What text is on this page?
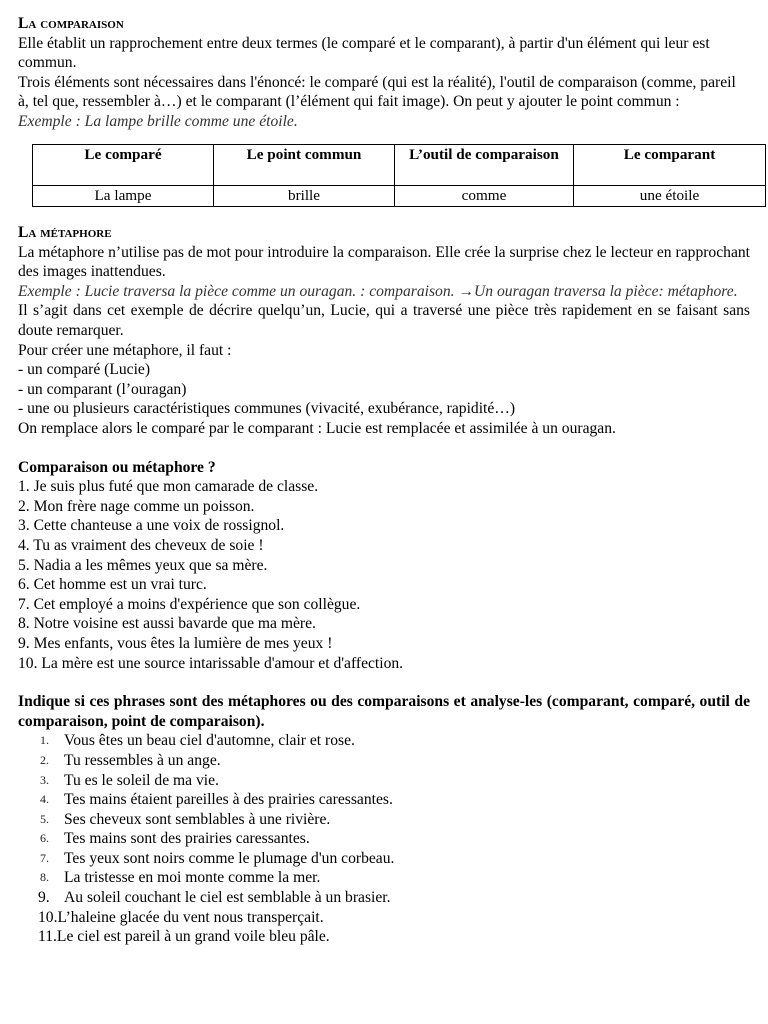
La comparaison

Elle établit un rapprochement entre deux termes (le comparé et le comparant), à partir d'un élément qui leur est commun.

Trois éléments sont nécessaires dans l'énoncé: le comparé (qui est la réalité), l'outil de comparaison (comme, pareil à, tel que, ressembler à…) et le comparant (l’élément qui fait image). On peut y ajouter le point commun :

Exemple : La lampe brille comme une étoile.

Le comparé	Le point commun	L’outil de comparaison	Le comparant
La lampe	brille	comme	une étoile
La métaphore

La métaphore n’utilise pas de mot pour introduire la comparaison. Elle crée la surprise chez le lecteur en rapprochant des images inattendues.

Exemple : Lucie traversa la pièce comme un ouragan. : comparaison. →Un ouragan traversa la pièce: métaphore.

Il s’agit dans cet exemple de décrire quelqu’un, Lucie, qui a traversé une pièce très rapidement en se faisant sans doute remarquer.

Pour créer une métaphore, il faut :

- un comparé (Lucie)

- un comparant (l’ouragan)

- une ou plusieurs caractéristiques communes (vivacité, exubérance, rapidité…)

On remplace alors le comparé par le comparant : Lucie est remplacée et assimilée à un ouragan.

Comparaison ou métaphore ?

1. Je suis plus futé que mon camarade de classe.
2. Mon frère nage comme un poisson.
3. Cette chanteuse a une voix de rossignol.
4. Tu as vraiment des cheveux de soie !
5. Nadia a les mêmes yeux que sa mère.
6. Cet homme est un vrai turc.
7. Cet employé a moins d'expérience que son collègue.
8. Notre voisine est aussi bavarde que ma mère.
9. Mes enfants, vous êtes la lumière de mes yeux !
10. La mère est une source intarissable d'amour et d'affection.

Indique si ces phrases sont des métaphores ou des comparaisons et analyse-les (comparant, comparé, outil de comparaison, point de comparaison).

1. Vous êtes un beau ciel d'automne, clair et rose.
2. Tu ressembles à un ange.
3. Tu es le soleil de ma vie.
4. Tes mains étaient pareilles à des prairies caressantes.
5. Ses cheveux sont semblables à une rivière.
6. Tes mains sont des prairies caressantes.
7. Tes yeux sont noirs comme le plumage d'un corbeau.
8. La tristesse en moi monte comme la mer.
9. Au soleil couchant le ciel est semblable à un brasier.
10.L’haleine glacée du vent nous transperçait.
11.Le ciel est pareil à un grand voile bleu pâle.
